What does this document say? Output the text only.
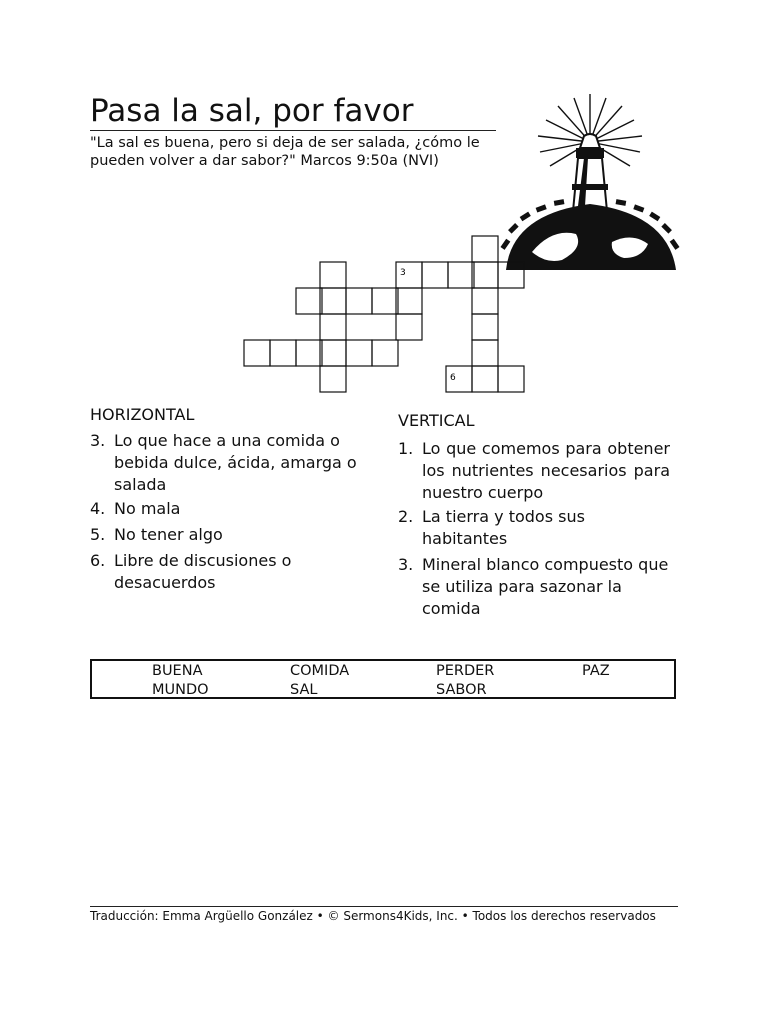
Pasa la sal, por favor
"La sal es buena, pero si deja de ser salada, ¿cómo le pueden volver a dar sabor?" Marcos 9:50a (NVI)
3
6
HORIZONTAL
3. Lo que hace a una comida o bebida dulce, ácida, amarga o salada
4. No mala
5. No tener algo
6. Libre de discusiones o desacuerdos
VERTICAL
1. Lo que comemos para obtener los nutrientes necesarios para nuestro cuerpo
2. La tierra y todos sus habitantes
3. Mineral blanco compuesto que se utiliza para sazonar la comida
BUENA	COMIDA	PERDER	PAZ
MUNDO	SAL	SABOR
Traducción: Emma Argüello González • © Sermons4Kids, Inc. • Todos los derechos reservados
